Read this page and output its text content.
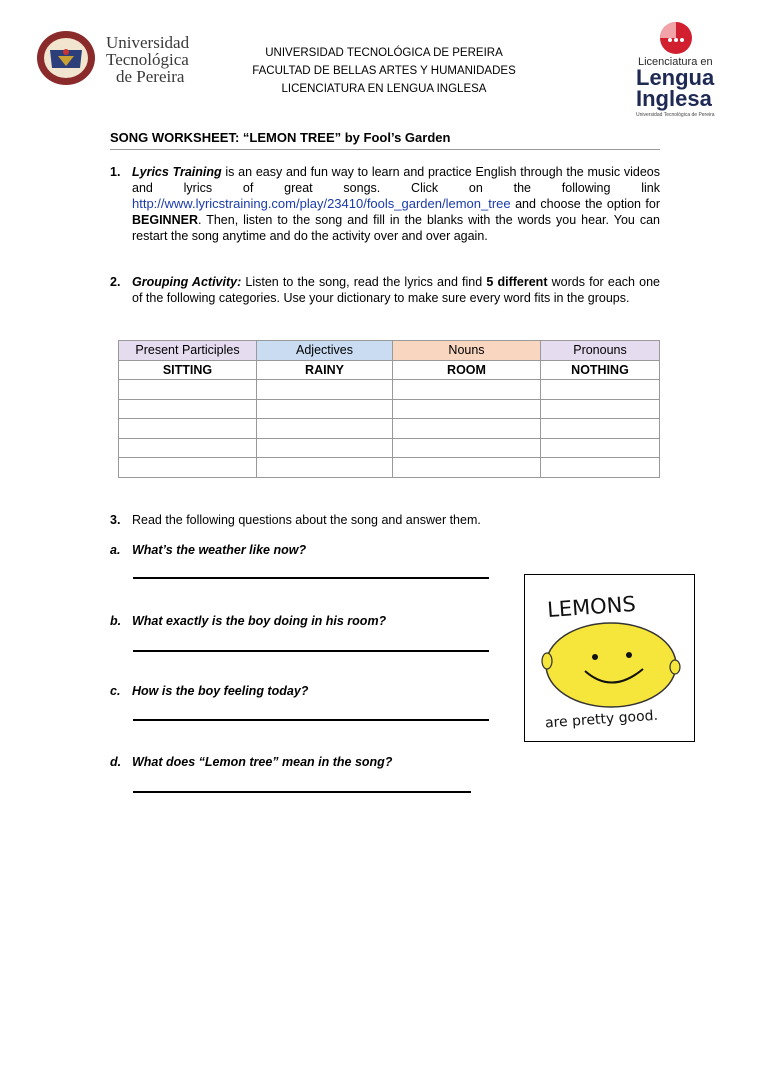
Universidad
Tecnológica
de Pereira
UNIVERSIDAD TECNOLÓGICA DE PEREIRA
FACULTAD DE BELLAS ARTES Y HUMANIDADES
LICENCIATURA EN LENGUA INGLESA
Licenciatura en
Lengua
Inglesa
Universidad Tecnológica de Pereira
SONG WORKSHEET: “LEMON TREE” by Fool’s Garden
1. Lyrics Training is an easy and fun way to learn and practice English through the music videos and lyrics of great songs. Click on the following link http://www.lyricstraining.com/play/23410/fools_garden/lemon_tree and choose the option for BEGINNER. Then, listen to the song and fill in the blanks with the words you hear. You can restart the song anytime and do the activity over and over again.
2. Grouping Activity: Listen to the song, read the lyrics and find 5 different words for each one of the following categories. Use your dictionary to make sure every word fits in the groups.
Present Participles	Adjectives	Nouns	Pronouns
SITTING	RAINY	ROOM	NOTHING

3. Read the following questions about the song and answer them.
a. What’s the weather like now?
b. What exactly is the boy doing in his room?
c. How is the boy feeling today?
d. What does “Lemon tree” mean in the song?
LEMONS
are pretty good.
